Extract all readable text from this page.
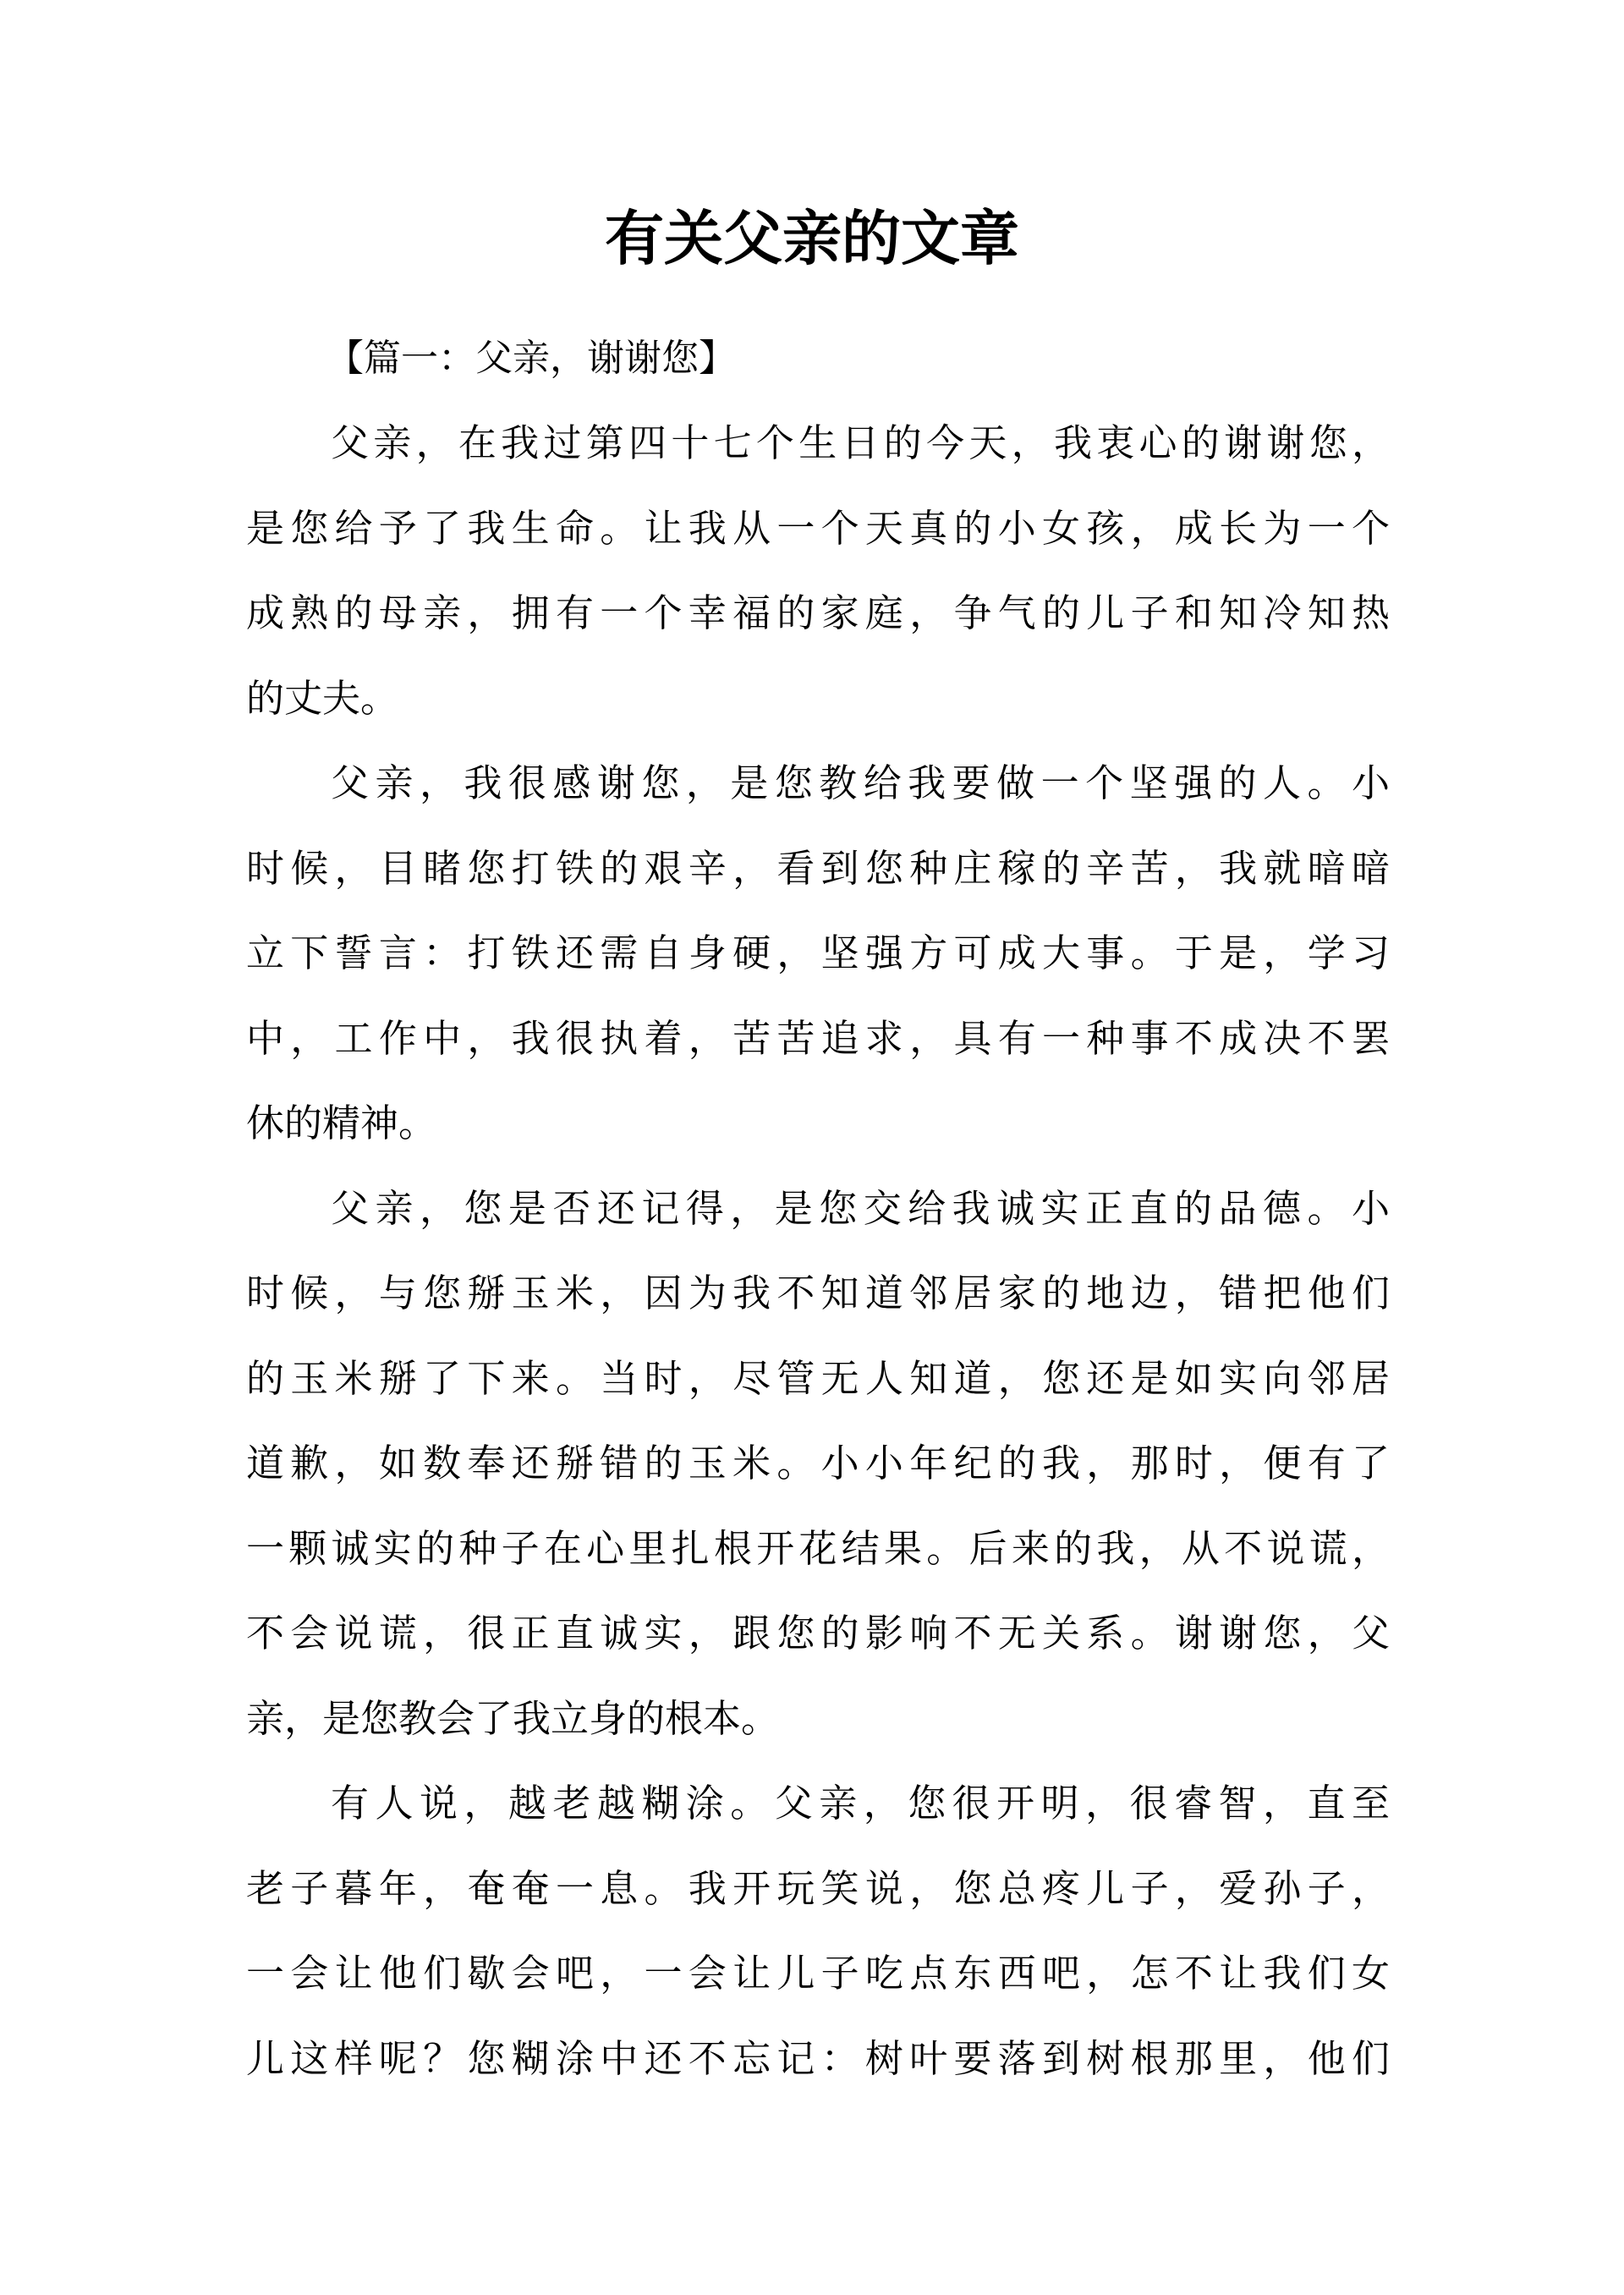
有关父亲的文章
【篇一：父亲，谢谢您】
父亲，在我过第四十七个生日的今天，我衷心的谢谢您，
是您给予了我生命。让我从一个天真的小女孩，成长为一个
成熟的母亲，拥有一个幸福的家庭，争气的儿子和知冷知热
的丈夫。
父亲，我很感谢您，是您教给我要做一个坚强的人。小
时候，目睹您打铁的艰辛，看到您种庄稼的辛苦，我就暗暗
立下誓言：打铁还需自身硬，坚强方可成大事。于是，学习
中，工作中，我很执着，苦苦追求，具有一种事不成决不罢
休的精神。
父亲，您是否还记得，是您交给我诚实正直的品德。小
时候，与您掰玉米，因为我不知道邻居家的地边，错把他们
的玉米掰了下来。当时，尽管无人知道，您还是如实向邻居
道歉，如数奉还掰错的玉米。小小年纪的我，那时，便有了
一颗诚实的种子在心里扎根开花结果。后来的我，从不说谎，
不会说谎，很正直诚实，跟您的影响不无关系。谢谢您，父
亲，是您教会了我立身的根本。
有人说，越老越糊涂。父亲，您很开明，很睿智，直至
老子暮年，奄奄一息。我开玩笑说，您总疼儿子，爱孙子，
一会让他们歇会吧，一会让儿子吃点东西吧，怎不让我们女
儿这样呢？您糊涂中还不忘记：树叶要落到树根那里，他们
